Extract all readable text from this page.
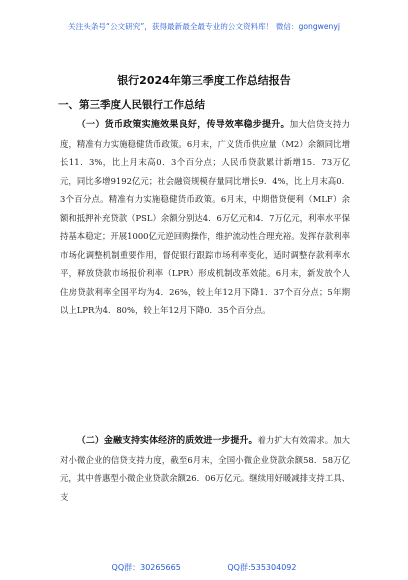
关注头条号“公文研究”，获得最新最全最专业的公文资料库！ 微信：gongwenyj
银行2024年第三季度工作总结报告
一、第三季度人民银行工作总结
（一）货币政策实施效果良好，传导效率稳步提升。加大信贷支持力度，精准有力实施稳健货币政策。6月末，广义货币供应量（M2）余额同比增长11．3%，比上月末高0．3个百分点；人民币贷款累计新增15．73万亿元，同比多增9192亿元；社会融资规模存量同比增长9．4%，比上月末高0．3个百分点。精准有力实施稳健货币政策。6月末，中期借贷便利（MLF）余额和抵押补充贷款（PSL）余额分别达4．6万亿元和4．7万亿元，利率水平保持基本稳定；开展1000亿元逆回购操作，维护流动性合理充裕。发挥存款利率市场化调整机制重要作用，督促银行跟踪市场利率变化，适时调整存款利率水平，释放贷款市场报价利率（LPR）形成机制改革效能。6月末，新发放个人住房贷款利率全国平均为4．26%，较上年12月下降1．37个百分点；5年期以上LPR为4．80%，较上年12月下降0．35个百分点。
（二）金融支持实体经济的质效进一步提升。着力扩大有效需求。加大对小微企业的信贷支持力度，截至6月末，全国小微企业贷款余额58．58万亿元，其中普惠型小微企业贷款余额26．06万亿元。继续用好暖减排支持工具、支
QQ群：30265665	QQ群:535304092
